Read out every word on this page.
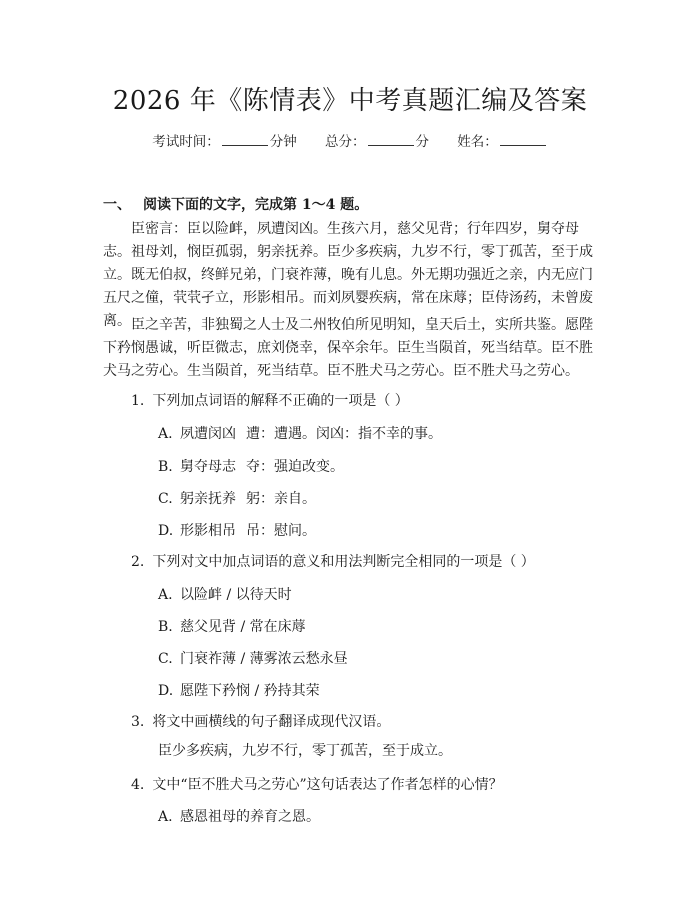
2026 年《陈情表》中考真题汇编及答案
考试时间：	分钟 总分：	分 姓名：
一、 阅读下面的文字，完成第 1～4 题。

臣密言：臣以险衅，夙遭闵凶。生孩六月，慈父见背；行年四岁，舅夺母志。祖母刘，悯臣孤弱，躬亲抚养。臣少多疾病，九岁不行，零丁孤苦，至于成立。既无伯叔，终鲜兄弟，门衰祚薄，晚有儿息。外无期功强近之亲，内无应门五尺之僮，茕茕孑立，形影相吊。而刘夙婴疾病，常在床蓐；臣侍汤药，未曾废离。 臣之辛苦，非独蜀之人士及二州牧伯所见明知，皇天后土，实所共鉴。愿陛下矜悯愚诚，听臣微志，庶刘侥幸，保卒余年。臣生当陨首，死当结草。臣不胜犬马之劳心。生当陨首，死当结草。臣不胜犬马之劳心。臣不胜犬马之劳心。

1. 下列加点词语的解释不正确的一项是（ ）

A. 夙遭闵凶 遭：遭遇。闵凶：指不幸的事。

B. 舅夺母志 夺：强迫改变。

C. 躬亲抚养 躬：亲自。

D. 形影相吊 吊：慰问。

2. 下列对文中加点词语的意义和用法判断完全相同的一项是（ ）

A. 以险衅 / 以待天时

B. 慈父见背 / 常在床蓐

C. 门衰祚薄 / 薄雾浓云愁永昼

D. 愿陛下矜悯 / 矜持其荣

3. 将文中画横线的句子翻译成现代汉语。

臣少多疾病，九岁不行，零丁孤苦，至于成立。

4. 文中“臣不胜犬马之劳心”这句话表达了作者怎样的心情？

A. 感恩祖母的养育之恩。
